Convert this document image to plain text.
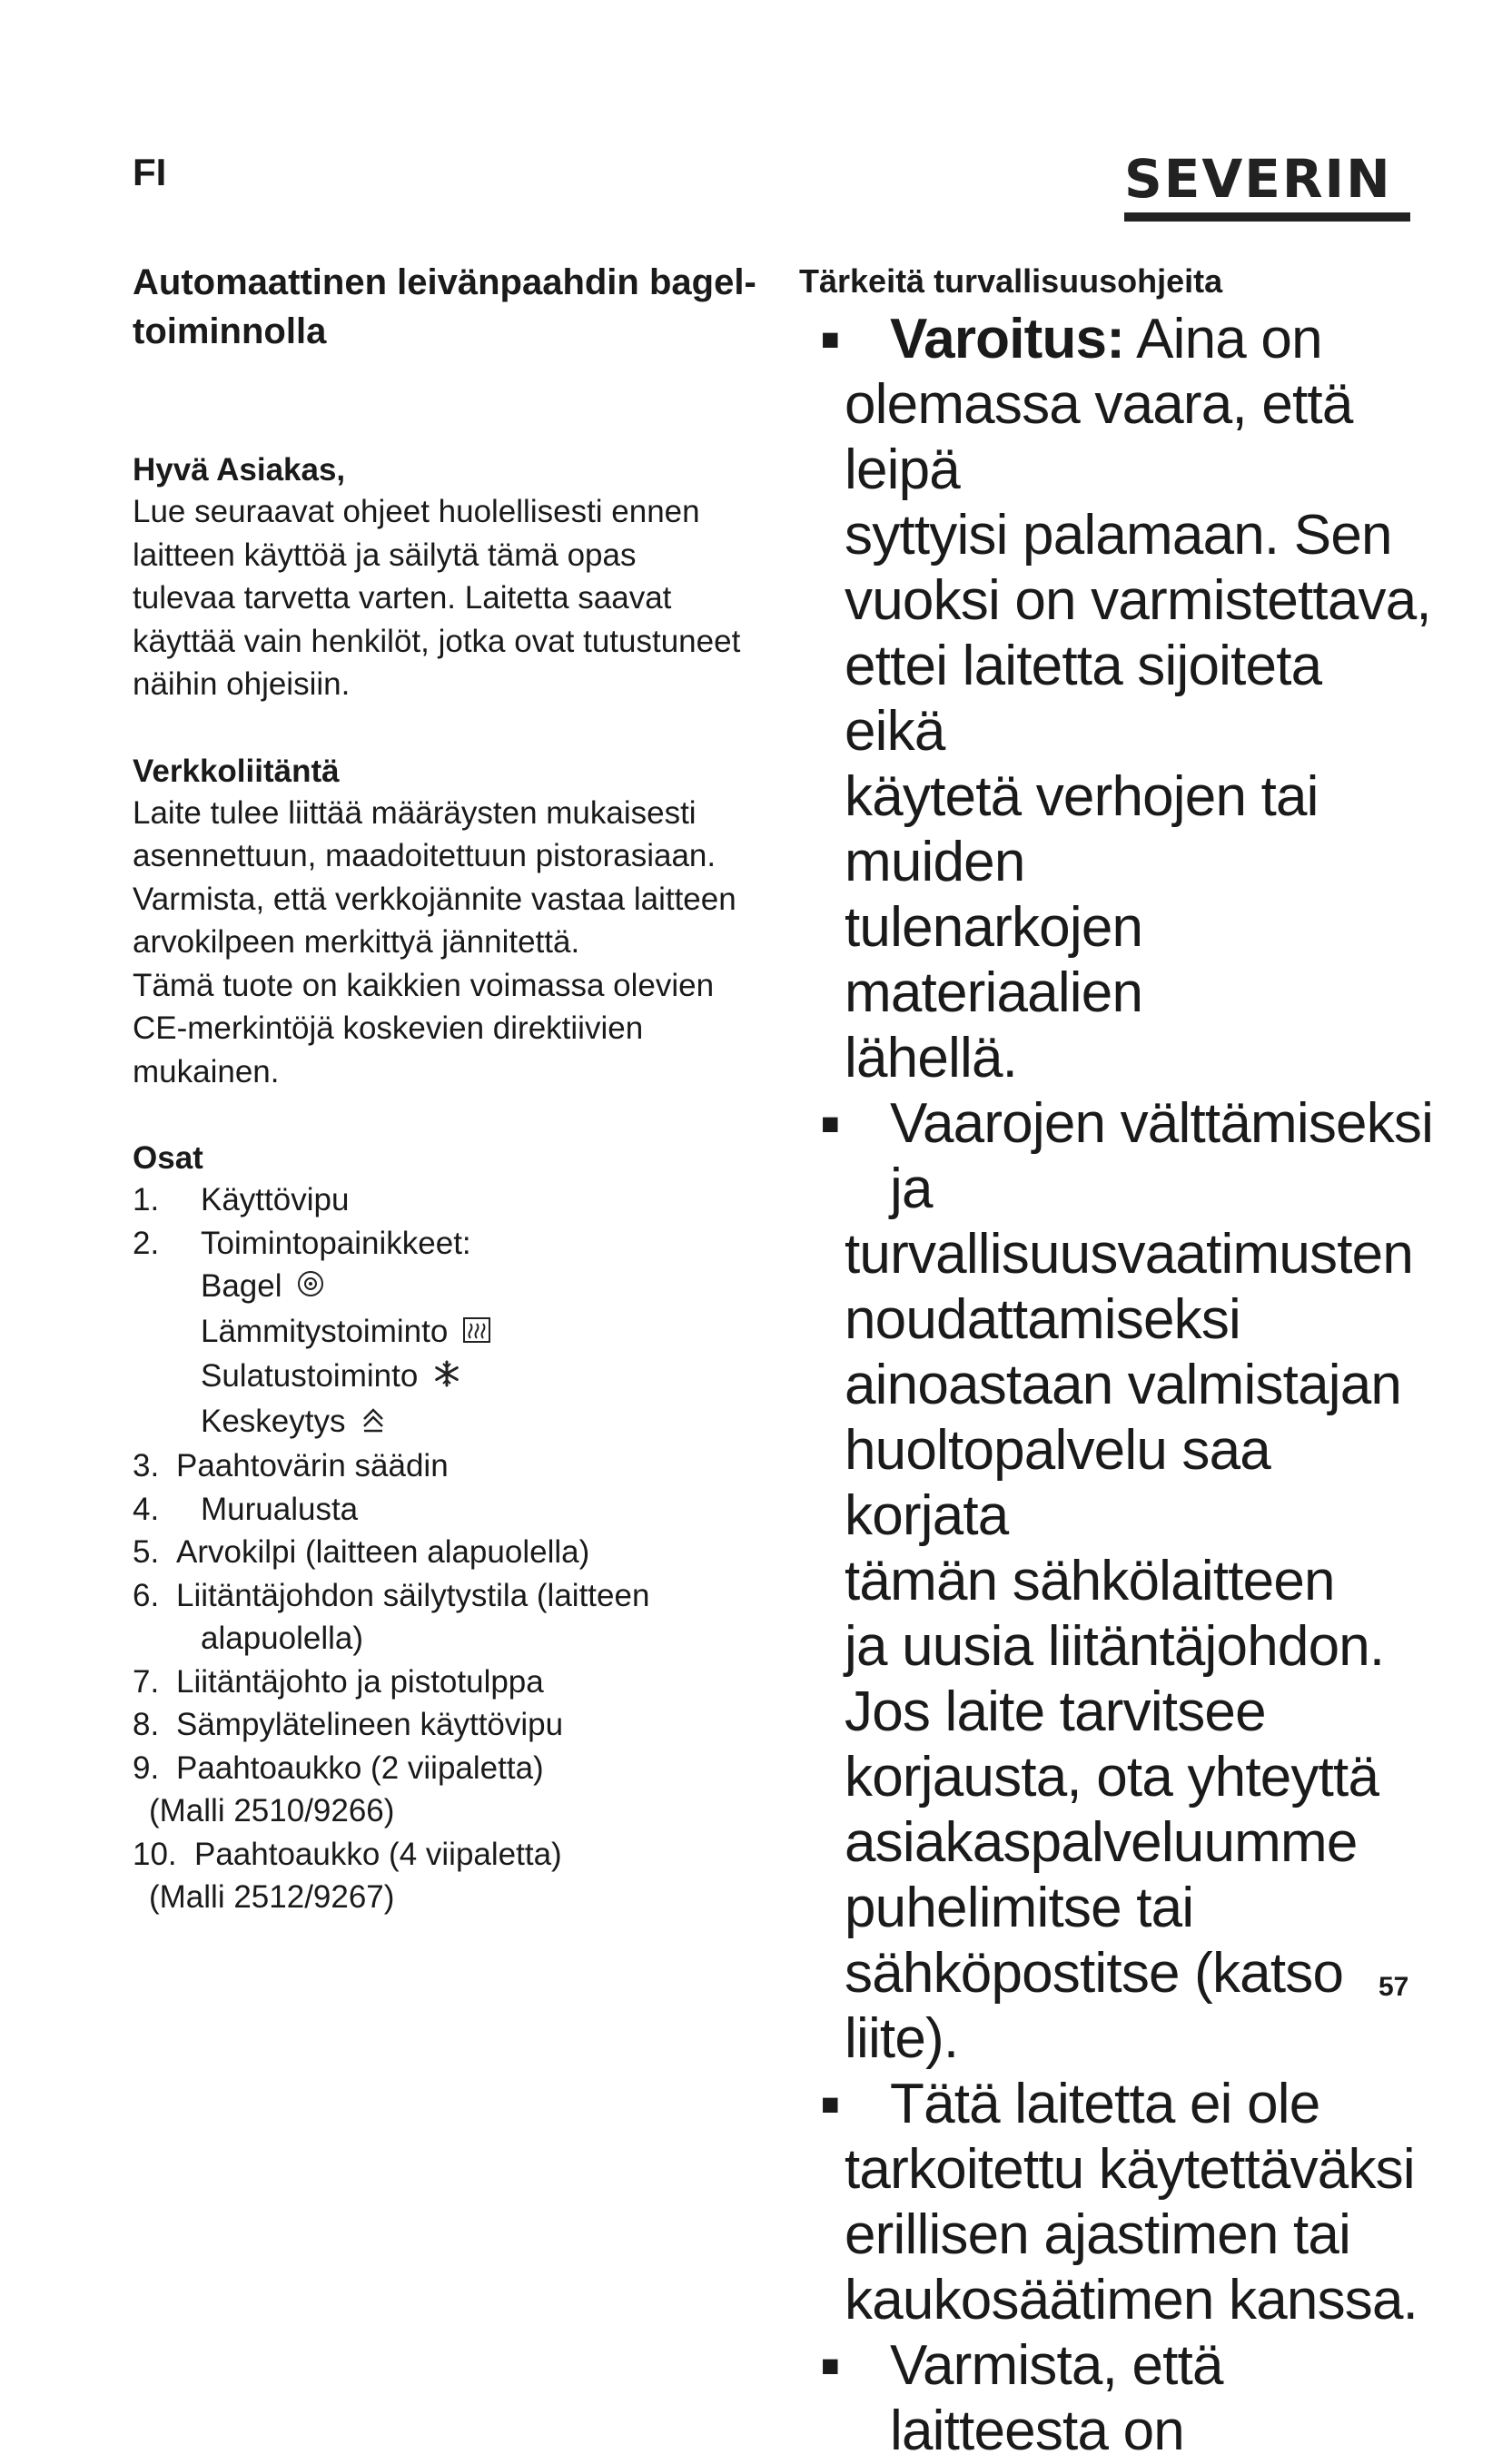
FI	SEVERIN
Automaattinen leivänpaahdin bagel-
toiminnolla
Hyvä Asiakas,
Lue seuraavat ohjeet huolellisesti ennen
laitteen käyttöä ja säilytä tämä opas
tulevaa tarvetta varten. Laitetta saavat
käyttää vain henkilöt, jotka ovat tutustuneet
näihin ohjeisiin.
Verkkoliitäntä
Laite tulee liittää määräysten mukaisesti
asennettuun, maadoitettuun pistorasiaan.
Varmista, että verkkojännite vastaa laitteen
arvokilpeen merkittyä jännitettä.
Tämä tuote on kaikkien voimassa olevien
CE-merkintöjä koskevien direktiivien
mukainen.
Osat
1. Käyttövipu
2. Toimintopainikkeet:
Bagel
Lämmitystoiminto
Sulatustoiminto
Keskeytys
3. Paahtovärin säädin
4. Murualusta
5. Arvokilpi (laitteen alapuolella)
6. Liitäntäjohdon säilytystila (laitteen
alapuolella)
7. Liitäntäjohto ja pistotulppa
8. Sämpylätelineen käyttövipu
9. Paahtoaukko (2 viipaletta)
(Malli 2510/9266)
10. Paahtoaukko (4 viipaletta)
(Malli 2512/9267)
Tärkeitä turvallisuusohjeita
■ Varoitus: Aina on
olemassa vaara, että leipä
syttyisi palamaan. Sen
vuoksi on varmistettava,
ettei laitetta sijoiteta eikä
käytetä verhojen tai muiden
tulenarkojen materiaalien
lähellä.
■ Vaarojen välttämiseksi ja
turvallisuusvaatimusten
noudattamiseksi
ainoastaan valmistajan
huoltopalvelu saa korjata
tämän sähkölaitteen
ja uusia liitäntäjohdon.
Jos laite tarvitsee
korjausta, ota yhteyttä
asiakaspalveluumme
puhelimitse tai
sähköpostitse (katso liite).
■ Tätä laitetta ei ole
tarkoitettu käytettäväksi
erillisen ajastimen tai
kaukosäätimen kanssa.
■ Varmista, että laitteesta on
57
